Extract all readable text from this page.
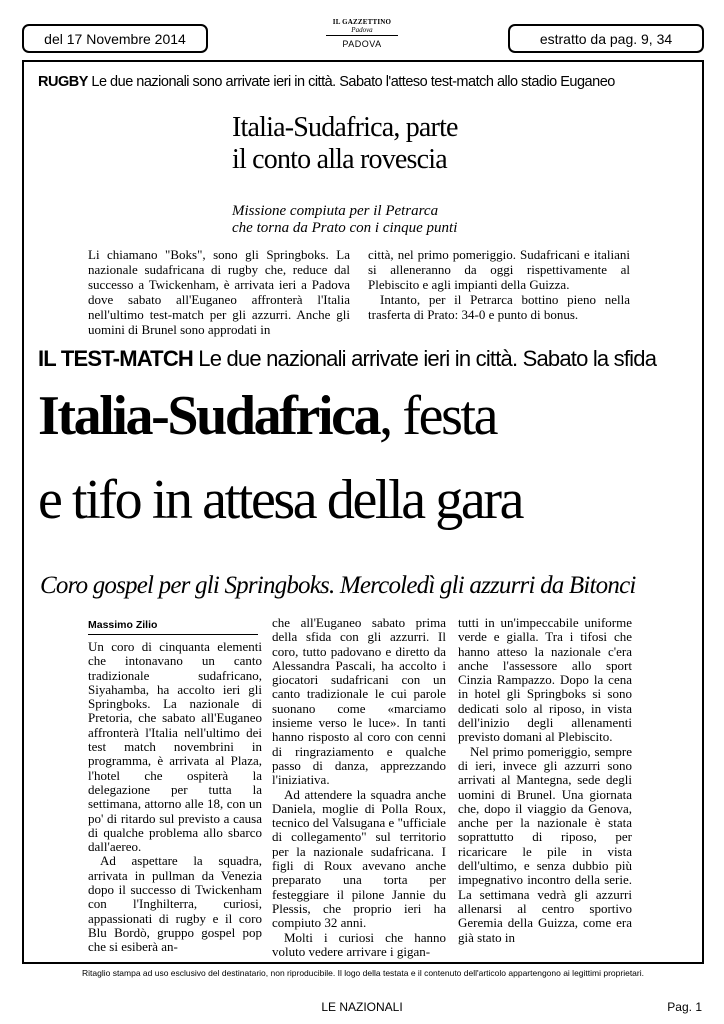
del 17 Novembre 2014
IL GAZZETTINO
Padova
PADOVA	estratto da pag. 9, 34
RUGBY Le due nazionali sono arrivate ieri in città. Sabato l'atteso test-match allo stadio Euganeo
Italia-Sudafrica, parte
il conto alla rovescia
Missione compiuta per il Petrarca
che torna da Prato con i cinque punti
Li chiamano "Boks", sono gli Springboks. La nazionale sudafricana di rugby che, reduce dal successo a Twickenham, è arrivata ieri a Padova dove sabato all'Euganeo affronterà l'Italia nell'ultimo test-match per gli azzurri. Anche gli uomini di Brunel sono approdati in

città, nel primo pomeriggio. Sudafricani e italiani si alleneranno da oggi rispettivamente al Plebiscito e agli impianti della Guizza.

Intanto, per il Petrarca bottino pieno nella trasferta di Prato: 34-0 e punto di bonus.

IL TEST-MATCH Le due nazionali arrivate ieri in città. Sabato la sfida
Italia-Sudafrica, festa
e tifo in attesa della gara
Coro gospel per gli Springboks. Mercoledì gli azzurri da Bitonci
Massimo Zilio

Un coro di cinquanta elementi che intonavano un canto tradizionale sudafricano, Siyahamba, ha accolto ieri gli Springboks. La nazionale di Pretoria, che sabato all'Euganeo affronterà l'Italia nell'ultimo dei test match novembrini in programma, è arrivata al Plaza, l'hotel che ospiterà la delegazione per tutta la settimana, attorno alle 18, con un po' di ritardo sul previsto a causa di qualche problema allo sbarco dall'aereo.

Ad aspettare la squadra, arrivata in pullman da Venezia dopo il successo di Twickenham con l'Inghilterra, curiosi, appassionati di rugby e il coro Blu Bordò, gruppo gospel pop che si esiberà an-

che all'Euganeo sabato prima della sfida con gli azzurri. Il coro, tutto padovano e diretto da Alessandra Pascali, ha accolto i giocatori sudafricani con un canto tradizionale le cui parole suonano come «marciamo insieme verso le luce». In tanti hanno risposto al coro con cenni di ringraziamento e qualche passo di danza, apprezzando l'iniziativa.

Ad attendere la squadra anche Daniela, moglie di Polla Roux, tecnico del Valsugana e "ufficiale di collegamento" sul territorio per la nazionale sudafricana. I figli di Roux avevano anche preparato una torta per festeggiare il pilone Jannie du Plessis, che proprio ieri ha compiuto 32 anni.

Molti i curiosi che hanno voluto vedere arrivare i gigan-

tutti in un'impeccabile uniforme verde e gialla. Tra i tifosi che hanno atteso la nazionale c'era anche l'assessore allo sport Cinzia Rampazzo. Dopo la cena in hotel gli Springboks si sono dedicati solo al riposo, in vista dell'inizio degli allenamenti previsto domani al Plebiscito.

Nel primo pomeriggio, sempre di ieri, invece gli azzurri sono arrivati al Mantegna, sede degli uomini di Brunel. Una giornata che, dopo il viaggio da Genova, anche per la nazionale è stata soprattutto di riposo, per ricaricare le pile in vista dell'ultimo, e senza dubbio più impegnativo incontro della serie. La settimana vedrà gli azzurri allenarsi al centro sportivo Geremia della Guizza, come era già stato in

Ritaglio stampa ad uso esclusivo del destinatario, non riproducibile. Il logo della testata e il contenuto dell'articolo appartengono ai legittimi proprietari.
LE NAZIONALI	Pag. 1
